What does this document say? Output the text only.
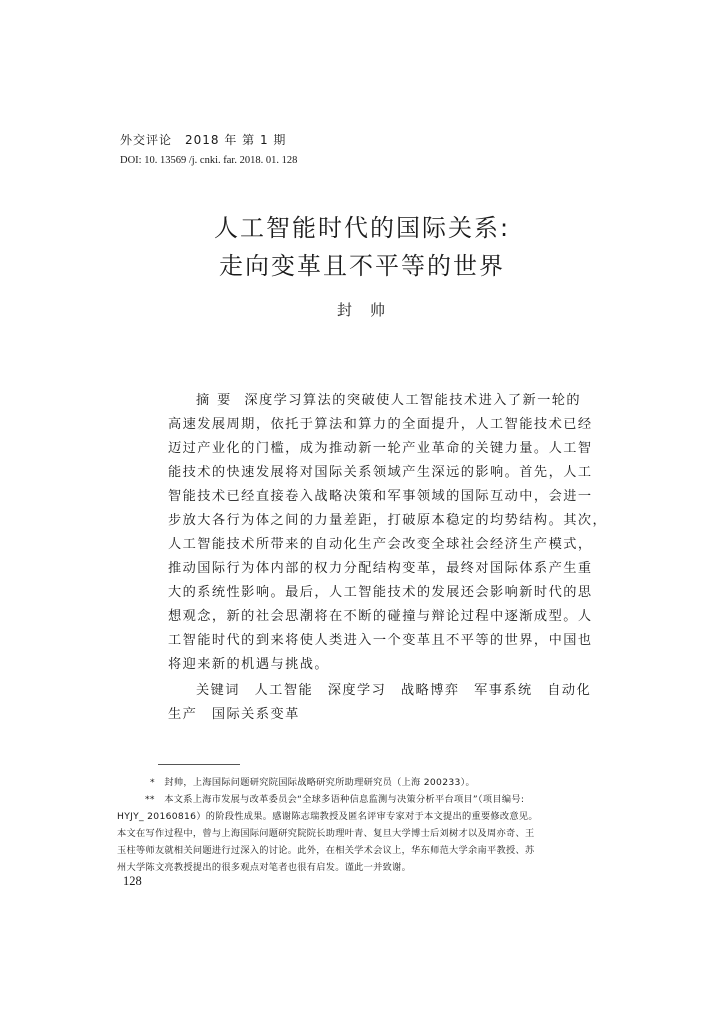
外交评论　2018 年 第 1 期
DOI: 10. 13569 /j. cnki. far. 2018. 01. 128
人工智能时代的国际关系:
走向变革且不平等的世界
封帅
摘要 深度学习算法的突破使人工智能技术进入了新一轮的
高速发展周期，依托于算法和算力的全面提升，人工智能技术已经
迈过产业化的门槛，成为推动新一轮产业革命的关键力量。人工智
能技术的快速发展将对国际关系领域产生深远的影响。首先，人工
智能技术已经直接卷入战略决策和军事领域的国际互动中，会进一
步放大各行为体之间的力量差距，打破原本稳定的均势结构。其次，
人工智能技术所带来的自动化生产会改变全球社会经济生产模式，
推动国际行为体内部的权力分配结构变革，最终对国际体系产生重
大的系统性影响。最后，人工智能技术的发展还会影响新时代的思
想观念，新的社会思潮将在不断的碰撞与辩论过程中逐渐成型。人
工智能时代的到来将使人类进入一个变革且不平等的世界，中国也
将迎来新的机遇与挑战。
关键词　人工智能　深度学习　战略博弈　军事系统　自动化
生产　国际关系变革
*　封帅，上海国际问题研究院国际战略研究所助理研究员（上海 200233）。
**　本文系上海市发展与改革委员会“全球多语种信息监测与决策分析平台项目”（项目编号:
HYJY_ 20160816）的阶段性成果。感谢陈志瑞教授及匿名评审专家对于本文提出的重要修改意见。
本文在写作过程中，曾与上海国际问题研究院院长助理叶青、复旦大学博士后刘树才以及周亦奇、王
玉柱等师友就相关问题进行过深入的讨论。此外，在相关学术会议上，华东师范大学余南平教授、苏
州大学陈文亮教授提出的很多观点对笔者也很有启发。谨此一并致谢。
128
